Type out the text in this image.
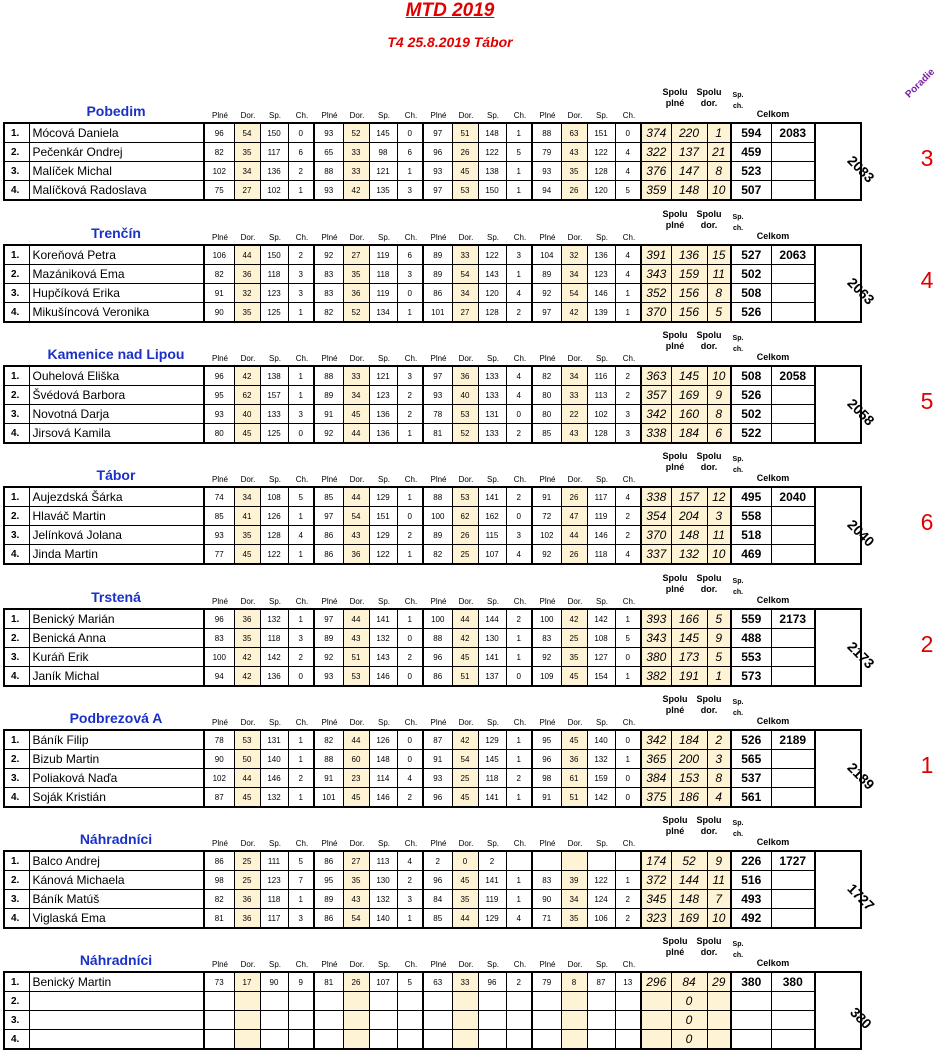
MTD 2019
T4 25.8.2019 Tábor
Poradie
Spolu
plné
Spolu
dor.
Sp.
ch.
Pobedim	Plné	Dor.	Sp.	Ch.	Plné	Dor.	Sp.	Ch.	Plné	Dor.	Sp.	Ch.	Plné	Dor.	Sp.	Ch.	Celkom
1.	Mócová Daniela	96	54	150	0	93	52	145	0	97	51	148	1	88	63	151	0	374	220	1	594	2083	
2.	Pečenkár Ondrej	82	35	117	6	65	33	98	6	96	26	122	5	79	43	122	4	322	137	21	459		
3.	Malíček Michal	102	34	136	2	88	33	121	1	93	45	138	1	93	35	128	4	376	147	8	523		
4.	Malíčková Radoslava	75	27	102	1	93	42	135	3	97	53	150	1	94	26	120	5	359	148	10	507		
2083	3
Spolu
plné
Spolu
dor.
Sp.
ch.
Trenčín	Plné	Dor.	Sp.	Ch.	Plné	Dor.	Sp.	Ch.	Plné	Dor.	Sp.	Ch.	Plné	Dor.	Sp.	Ch.	Celkom
1.	Koreňová Petra	106	44	150	2	92	27	119	6	89	33	122	3	104	32	136	4	391	136	15	527	2063	
2.	Mazániková Ema	82	36	118	3	83	35	118	3	89	54	143	1	89	34	123	4	343	159	11	502		
3.	Hupčíková Erika	91	32	123	3	83	36	119	0	86	34	120	4	92	54	146	1	352	156	8	508		
4.	Mikušíncová Veronika	90	35	125	1	82	52	134	1	101	27	128	2	97	42	139	1	370	156	5	526		
2063	4
Spolu
plné
Spolu
dor.
Sp.
ch.
Kamenice nad Lipou	Plné	Dor.	Sp.	Ch.	Plné	Dor.	Sp.	Ch.	Plné	Dor.	Sp.	Ch.	Plné	Dor.	Sp.	Ch.	Celkom
1.	Ouhelová Eliška	96	42	138	1	88	33	121	3	97	36	133	4	82	34	116	2	363	145	10	508	2058	
2.	Švédová Barbora	95	62	157	1	89	34	123	2	93	40	133	4	80	33	113	2	357	169	9	526		
3.	Novotná Darja	93	40	133	3	91	45	136	2	78	53	131	0	80	22	102	3	342	160	8	502		
4.	Jirsová Kamila	80	45	125	0	92	44	136	1	81	52	133	2	85	43	128	3	338	184	6	522		
2058	5
Spolu
plné
Spolu
dor.
Sp.
ch.
Tábor	Plné	Dor.	Sp.	Ch.	Plné	Dor.	Sp.	Ch.	Plné	Dor.	Sp.	Ch.	Plné	Dor.	Sp.	Ch.	Celkom
1.	Aujezdská Šárka	74	34	108	5	85	44	129	1	88	53	141	2	91	26	117	4	338	157	12	495	2040	
2.	Hlaváč Martin	85	41	126	1	97	54	151	0	100	62	162	0	72	47	119	2	354	204	3	558		
3.	Jelínková Jolana	93	35	128	4	86	43	129	2	89	26	115	3	102	44	146	2	370	148	11	518		
4.	Jinda Martin	77	45	122	1	86	36	122	1	82	25	107	4	92	26	118	4	337	132	10	469		
2040	6
Spolu
plné
Spolu
dor.
Sp.
ch.
Trstená	Plné	Dor.	Sp.	Ch.	Plné	Dor.	Sp.	Ch.	Plné	Dor.	Sp.	Ch.	Plné	Dor.	Sp.	Ch.	Celkom
1.	Benický Marián	96	36	132	1	97	44	141	1	100	44	144	2	100	42	142	1	393	166	5	559	2173	
2.	Benická Anna	83	35	118	3	89	43	132	0	88	42	130	1	83	25	108	5	343	145	9	488		
3.	Kuráň Erik	100	42	142	2	92	51	143	2	96	45	141	1	92	35	127	0	380	173	5	553		
4.	Janík Michal	94	42	136	0	93	53	146	0	86	51	137	0	109	45	154	1	382	191	1	573		
2173	2
Spolu
plné
Spolu
dor.
Sp.
ch.
Podbrezová A	Plné	Dor.	Sp.	Ch.	Plné	Dor.	Sp.	Ch.	Plné	Dor.	Sp.	Ch.	Plné	Dor.	Sp.	Ch.	Celkom
1.	Báník Filip	78	53	131	1	82	44	126	0	87	42	129	1	95	45	140	0	342	184	2	526	2189	
2.	Bizub Martin	90	50	140	1	88	60	148	0	91	54	145	1	96	36	132	1	365	200	3	565		
3.	Poliaková Naďa	102	44	146	2	91	23	114	4	93	25	118	2	98	61	159	0	384	153	8	537		
4.	Soják Kristián	87	45	132	1	101	45	146	2	96	45	141	1	91	51	142	0	375	186	4	561		
2189	1
Spolu
plné
Spolu
dor.
Sp.
ch.
Náhradníci	Plné	Dor.	Sp.	Ch.	Plné	Dor.	Sp.	Ch.	Plné	Dor.	Sp.	Ch.	Plné	Dor.	Sp.	Ch.	Celkom
1.	Balco Andrej	86	25	111	5	86	27	113	4	2	0	2						174	52	9	226	1727	
2.	Kánová Michaela	98	25	123	7	95	35	130	2	96	45	141	1	83	39	122	1	372	144	11	516		
3.	Báník Matúš	82	36	118	1	89	43	132	3	84	35	119	1	90	34	124	2	345	148	7	493		
4.	Viglaská Ema	81	36	117	3	86	54	140	1	85	44	129	4	71	35	106	2	323	169	10	492		
1727
Spolu
plné
Spolu
dor.
Sp.
ch.
Náhradníci	Plné	Dor.	Sp.	Ch.	Plné	Dor.	Sp.	Ch.	Plné	Dor.	Sp.	Ch.	Plné	Dor.	Sp.	Ch.	Celkom
1.	Benický Martin	73	17	90	9	81	26	107	5	63	33	96	2	79	8	87	13	296	84	29	380	380	
2.																			0				
3.																			0				
4.																			0				
380
